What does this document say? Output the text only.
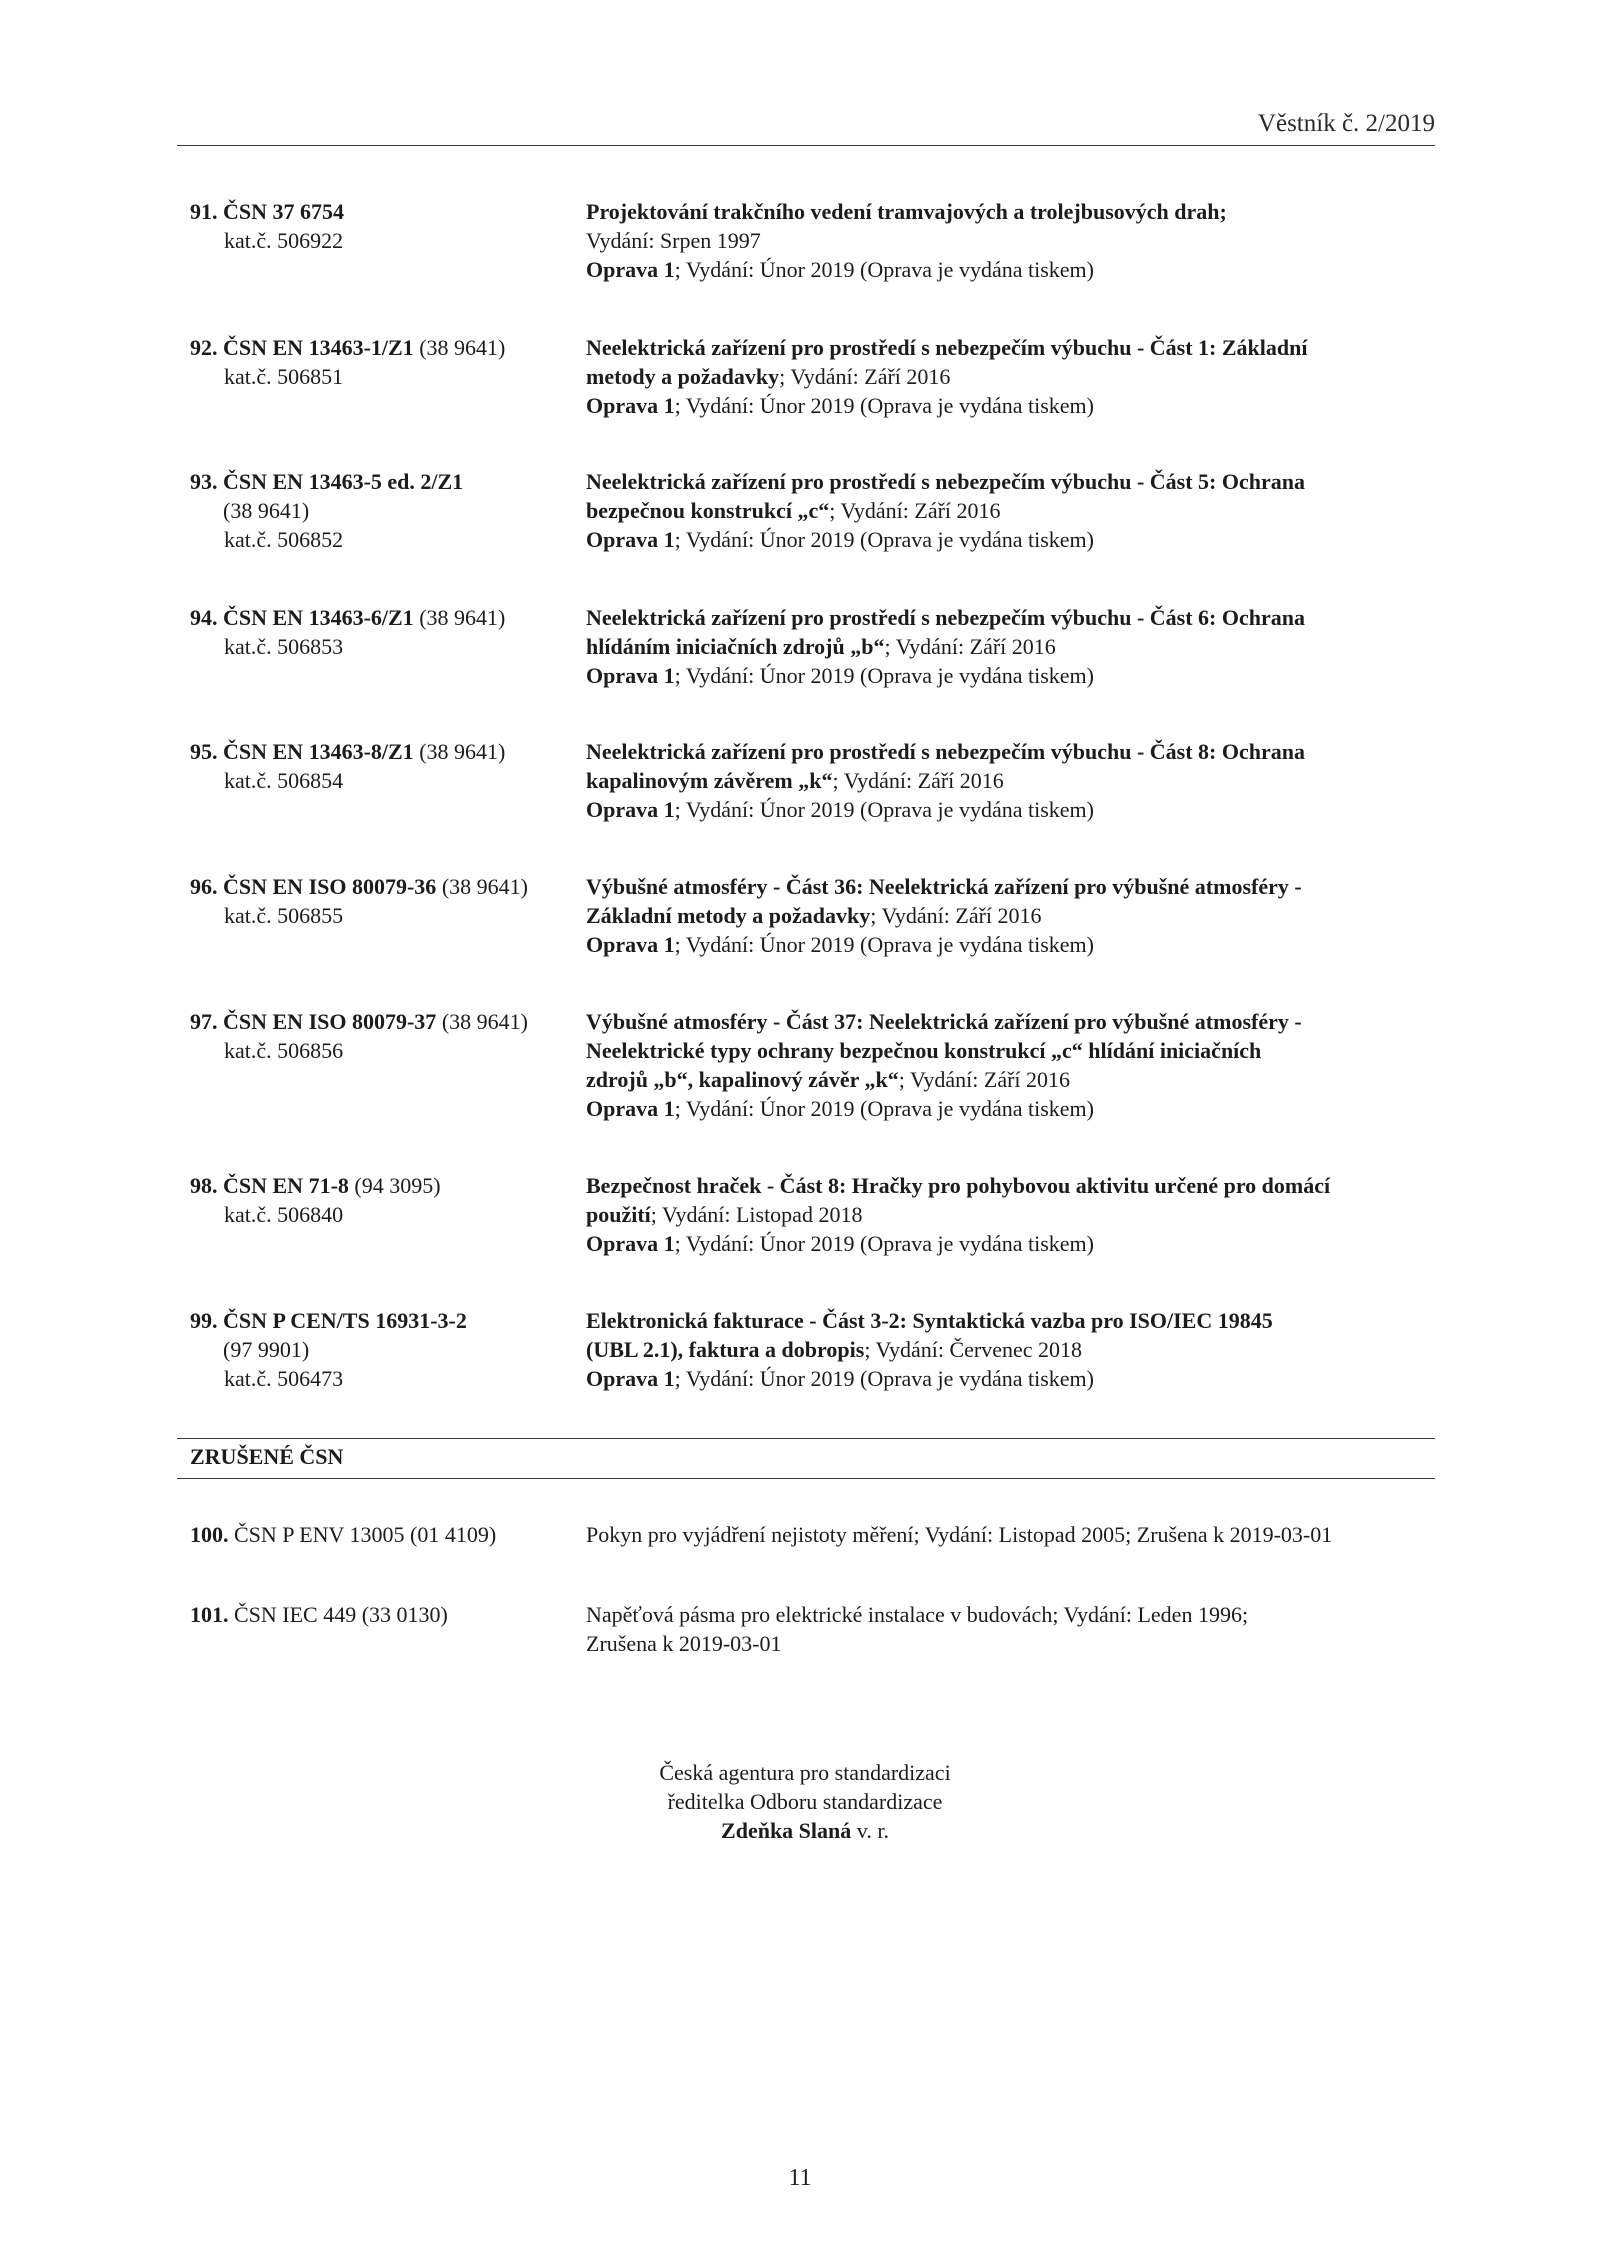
Věstník č. 2/2019
91. ČSN 37 6754
kat.č. 506922
Projektování trakčního vedení tramvajových a trolejbusových drah;
Vydání: Srpen 1997
Oprava 1; Vydání: Únor 2019 (Oprava je vydána tiskem)
92. ČSN EN 13463-1/Z1 (38 9641)
kat.č. 506851
Neelektrická zařízení pro prostředí s nebezpečím výbuchu - Část 1: Základní
metody a požadavky; Vydání: Září 2016
Oprava 1; Vydání: Únor 2019 (Oprava je vydána tiskem)
93. ČSN EN 13463-5 ed. 2/Z1
(38 9641)
kat.č. 506852
Neelektrická zařízení pro prostředí s nebezpečím výbuchu - Část 5: Ochrana
bezpečnou konstrukcí „c“; Vydání: Září 2016
Oprava 1; Vydání: Únor 2019 (Oprava je vydána tiskem)
94. ČSN EN 13463-6/Z1 (38 9641)
kat.č. 506853
Neelektrická zařízení pro prostředí s nebezpečím výbuchu - Část 6: Ochrana
hlídáním iniciačních zdrojů „b“; Vydání: Září 2016
Oprava 1; Vydání: Únor 2019 (Oprava je vydána tiskem)
95. ČSN EN 13463-8/Z1 (38 9641)
kat.č. 506854
Neelektrická zařízení pro prostředí s nebezpečím výbuchu - Část 8: Ochrana
kapalinovým závěrem „k“; Vydání: Září 2016
Oprava 1; Vydání: Únor 2019 (Oprava je vydána tiskem)
96. ČSN EN ISO 80079-36 (38 9641)
kat.č. 506855
Výbušné atmosféry - Část 36: Neelektrická zařízení pro výbušné atmosféry -
Základní metody a požadavky; Vydání: Září 2016
Oprava 1; Vydání: Únor 2019 (Oprava je vydána tiskem)
97. ČSN EN ISO 80079-37 (38 9641)
kat.č. 506856
Výbušné atmosféry - Část 37: Neelektrická zařízení pro výbušné atmosféry -
Neelektrické typy ochrany bezpečnou konstrukcí „c“ hlídání iniciačních
zdrojů „b“, kapalinový závěr „k“; Vydání: Září 2016
Oprava 1; Vydání: Únor 2019 (Oprava je vydána tiskem)
98. ČSN EN 71-8 (94 3095)
kat.č. 506840
Bezpečnost hraček - Část 8: Hračky pro pohybovou aktivitu určené pro domácí
použití; Vydání: Listopad 2018
Oprava 1; Vydání: Únor 2019 (Oprava je vydána tiskem)
99. ČSN P CEN/TS 16931-3-2
(97 9901)
kat.č. 506473
Elektronická fakturace - Část 3-2: Syntaktická vazba pro ISO/IEC 19845
(UBL 2.1), faktura a dobropis; Vydání: Červenec 2018
Oprava 1; Vydání: Únor 2019 (Oprava je vydána tiskem)
ZRUŠENÉ ČSN
100. ČSN P ENV 13005 (01 4109)	Pokyn pro vyjádření nejistoty měření; Vydání: Listopad 2005; Zrušena k 2019-03-01
101. ČSN IEC 449 (33 0130)	Napěťová pásma pro elektrické instalace v budovách; Vydání: Leden 1996;
Zrušena k 2019-03-01
Česká agentura pro standardizaci
ředitelka Odboru standardizace
Zdeňka Slaná v. r.
11
